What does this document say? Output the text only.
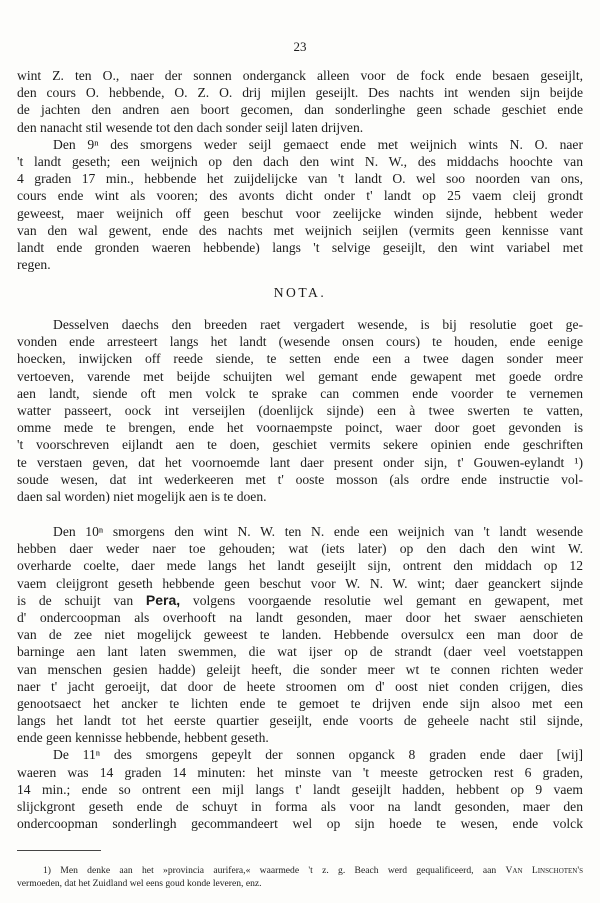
23
wint Z. ten O., naer der sonnen onderganck alleen voor de fock ende besaen geseijlt,
den cours O. hebbende, O. Z. O. drij mijlen geseijlt. Des nachts int wenden sijn beijde
de jachten den andren aen boort gecomen, dan sonderlinghe geen schade geschiet ende
den nanacht stil wesende tot den dach sonder seijl laten drijven.
Den 9ⁿ des smorgens weder seijl gemaect ende met weijnich wints N. O. naer
't landt geseth; een weijnich op den dach den wint N. W., des middachs hoochte van
4 graden 17 min., hebbende het zuijdelijcke van 't landt O. wel soo noorden van ons,
cours ende wint als vooren; des avonts dicht onder t' landt op 25 vaem cleij grondt
geweest, maer weijnich off geen beschut voor zeelijcke winden sijnde, hebbent weder
van den wal gewent, ende des nachts met weijnich seijlen (vermits geen kennisse vant
landt ende gronden waeren hebbende) langs 't selvige geseijlt, den wint variabel met
regen.
NOTA.
Desselven daechs den breeden raet vergadert wesende, is bij resolutie goet ge-
vonden ende arresteert langs het landt (wesende onsen cours) te houden, ende eenige
hoecken, inwijcken off reede siende, te setten ende een a twee dagen sonder meer
vertoeven, varende met beijde schuijten wel gemant ende gewapent met goede ordre
aen landt, siende oft men volck te sprake can commen ende voorder te vernemen
watter passeert, oock int verseijlen (doenlijck sijnde) een à twee swerten te vatten,
omme mede te brengen, ende het voornaempste poinct, waer door goet gevonden is
't voorschreven eijlandt aen te doen, geschiet vermits sekere opinien ende geschriften
te verstaen geven, dat het voornoemde lant daer present onder sijn, t' Gouwen-eylandt ¹)
soude wesen, dat int wederkeeren met t' ooste mosson (als ordre ende instructie vol-
daen sal worden) niet mogelijk aen is te doen.
Den 10ⁿ smorgens den wint N. W. ten N. ende een weijnich van 't landt wesende
hebben daer weder naer toe gehouden; wat (iets later) op den dach den wint W.
overharde coelte, daer mede langs het landt geseijlt sijn, ontrent den middach op 12
vaem cleijgront geseth hebbende geen beschut voor W. N. W. wint; daer geanckert sijnde
is de schuijt van Pera, volgens voorgaende resolutie wel gemant en gewapent, met
d' ondercoopman als overhooft na landt gesonden, maer door het swaer aenschieten
van de zee niet mogelijck geweest te landen. Hebbende oversulcx een man door de
barninge aen lant laten swemmen, die wat ijser op de strandt (daer veel voetstappen
van menschen gesien hadde) geleijt heeft, die sonder meer wt te connen richten weder
naer t' jacht geroeijt, dat door de heete stroomen om d' oost niet conden crijgen, dies
genootsaect het ancker te lichten ende te gemoet te drijven ende sijn alsoo met een
langs het landt tot het eerste quartier geseijlt, ende voorts de geheele nacht stil sijnde,
ende geen kennisse hebbende, hebbent geseth.
De 11ⁿ des smorgens gepeylt der sonnen opganck 8 graden ende daer [wij]
waeren was 14 graden 14 minuten: het minste van 't meeste getrocken rest 6 graden,
14 min.; ende so ontrent een mijl langs t' landt geseijlt hadden, hebbent op 9 vaem
slijckgront geseth ende de schuyt in forma als voor na landt gesonden, maer den
ondercoopman sonderlingh gecommandeert wel op sijn hoede te wesen, ende volck
1) Men denke aan het »provincia aurifera,« waarmede 't z. g. Beach werd gequalificeerd, aan Van Linschoten's
vermoeden, dat het Zuidland wel eens goud konde leveren, enz.
